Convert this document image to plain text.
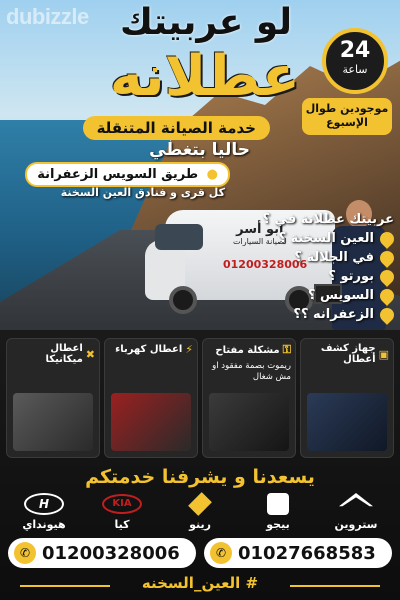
dubizzle لو عربيتك
عطلانه	24
ساعة
موجودين طوال الإسبوع
خدمة الصيانة المتنقلة
حاليا بتغطي
● طريق السويس الزعفرانة
كل قرى و فنادق العين السخنة
ابو أسر
لصيانة السيارات
01200328006
عربيتك عطلانة في ؟
العين السخنة ؟
في الجلالة ؟
بورتو ؟
السويس ؟
الزعفرانه ؟؟
▣
جهاز كشف أعطال
⚿
مشكلة مفتاح
ريموت بصمة مفقود او مش شغال
⚡
اعطال كهرباء
✖
اعطال ميكانيكا
يسعدنا و يشرفنا خدمتكم
ستروين
بيجو
رينو
KIA
كيا
H
هيونداي
✆ 01200328006	✆ 01027668583
# العين_السخنه
